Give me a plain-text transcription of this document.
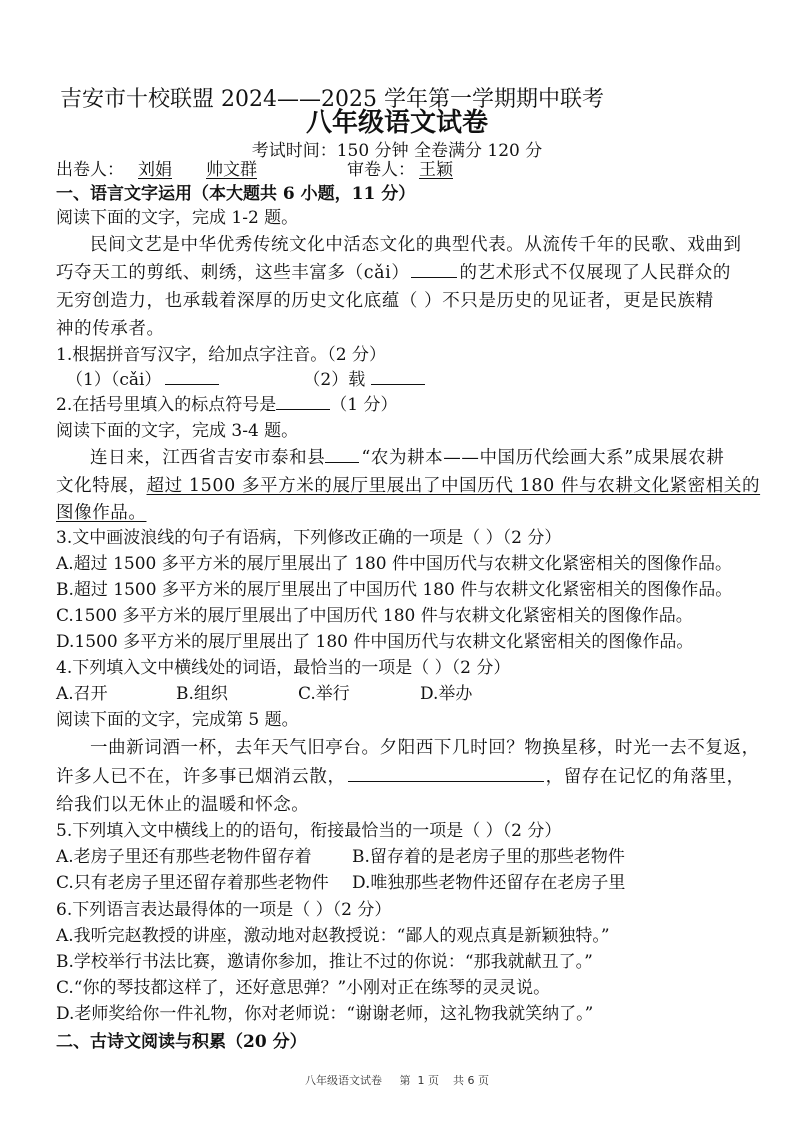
吉安市十校联盟 2024——2025 学年第一学期期中联考
八年级语文试卷
考试时间：150 分钟 全卷满分 120 分
出卷人： 刘娟 帅文群	审卷人： 王颖
一、语言文字运用（本大题共 6 小题，11 分）
阅读下面的文字，完成 1-2 题。
民间文艺是中华优秀传统文化中活态文化的典型代表。从流传千年的民歌、戏曲到
巧夺天工的剪纸、刺绣，这些丰富多（cǎi）	的艺术形式不仅展现了人民群众的
无穷创造力，也承载着深厚的历史文化底蕴（ ）不只是历史的见证者，更是民族精
神的传承者。
1.根据拼音写汉字，给加点字注音。（2 分）
（1）（cǎi）	（2）载
2.在括号里填入的标点符号是	（1 分）
阅读下面的文字，完成 3-4 题。
连日来，江西省吉安市泰和县 “农为耕本——中国历代绘画大系”成果展农耕
文化特展，超过 1500 多平方米的展厅里展出了中国历代 180 件与农耕文化紧密相关的
图像作品。
3.文中画波浪线的句子有语病，下列修改正确的一项是（ ）（2 分）
A.超过 1500 多平方米的展厅里展出了 180 件中国历代与农耕文化紧密相关的图像作品。
B.超过 1500 多平方米的展厅里展出了中国历代 180 件与农耕文化紧密相关的图像作品。
C.1500 多平方米的展厅里展出了中国历代 180 件与农耕文化紧密相关的图像作品。
D.1500 多平方米的展厅里展出了 180 件中国历代与农耕文化紧密相关的图像作品。
4.下列填入文中横线处的词语，最恰当的一项是（ ）（2 分）
A.召开	B.组织	C.举行	D.举办
阅读下面的文字，完成第 5 题。
一曲新词酒一杯，去年天气旧亭台。夕阳西下几时回？物换星移，时光一去不复返，
许多人已不在，许多事已烟消云散，	，留存在记忆的角落里，
给我们以无休止的温暖和怀念。
5.下列填入文中横线上的的语句，衔接最恰当的一项是（ ）（2 分）
A.老房子里还有那些老物件留存着 B.留存着的是老房子里的那些老物件
C.只有老房子里还留存着那些老物件 D.唯独那些老物件还留存在老房子里
6.下列语言表达最得体的一项是（ ）（2 分）
A.我听完赵教授的讲座，激动地对赵教授说：“鄙人的观点真是新颖独特。”
B.学校举行书法比赛，邀请你参加，推让不过的你说：“那我就献丑了。”
C.“你的琴技都这样了，还好意思弹？”小刚对正在练琴的灵灵说。
D.老师奖给你一件礼物，你对老师说：“谢谢老师，这礼物我就笑纳了。”
二、古诗文阅读与积累（20 分）
八年级语文试卷     第  1 页    共 6 页
